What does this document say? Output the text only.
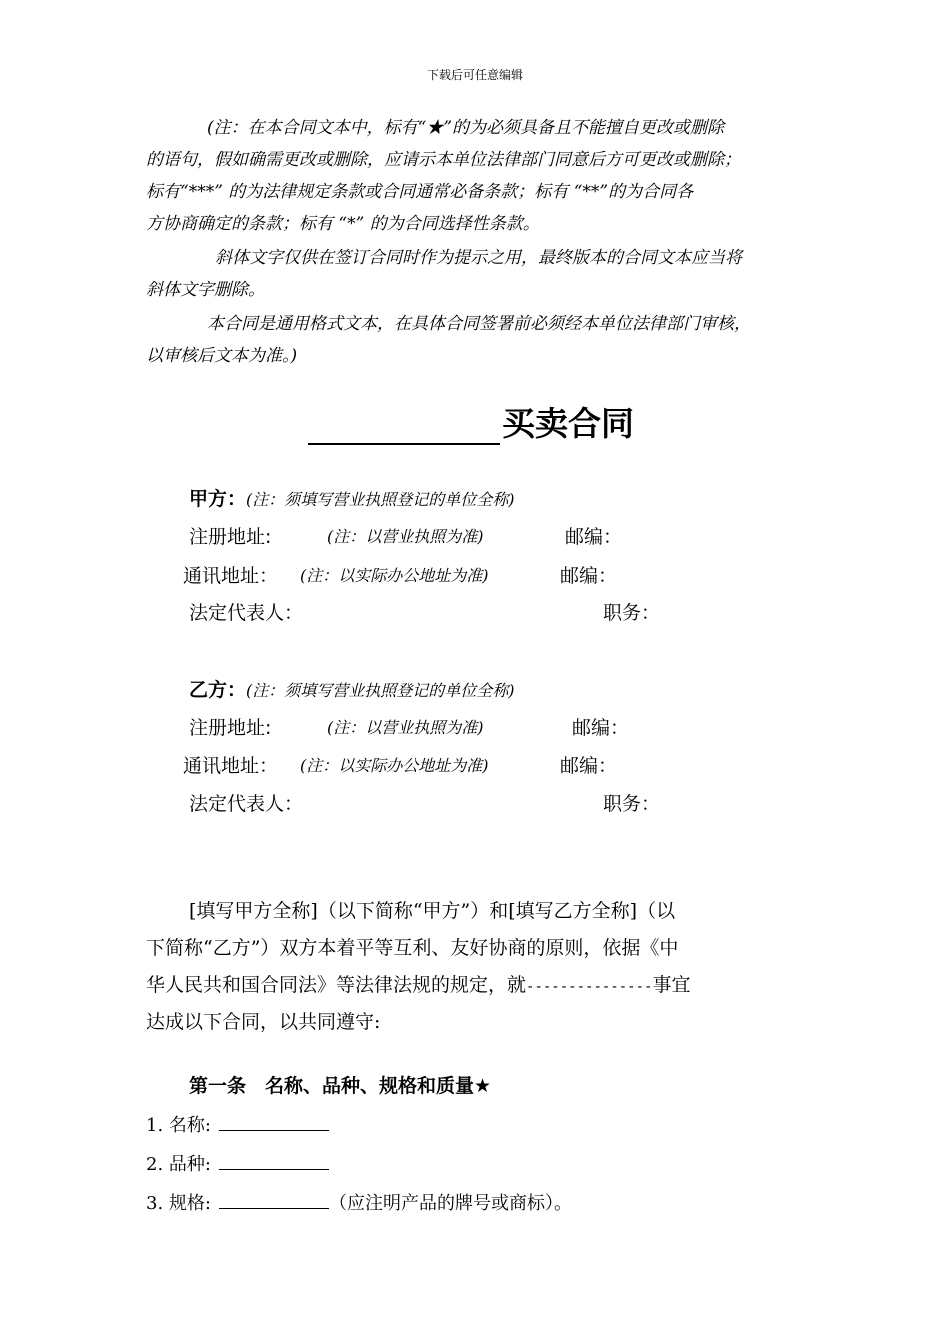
下载后可任意编辑
(注：在本合同文本中，标有“★”的为必须具备且不能擅自更改或删除
的语句，假如确需更改或删除，应请示本单位法律部门同意后方可更改或删除；
标有“***” 的为法律规定条款或合同通常必备条款；标有 “**”的为合同各
方协商确定的条款；标有 “*” 的为合同选择性条款。
斜体文字仅供在签订合同时作为提示之用，最终版本的合同文本应当将
斜体文字删除。
本合同是通用格式文本，在具体合同签署前必须经本单位法律部门审核，
以审核后文本为准。)
买卖合同
甲方：(注：须填写营业执照登记的单位全称)
注册地址:	(注：以营业执照为准)	邮编：
通讯地址： (注：以实际办公地址为准)	邮编：
法定代表人：	职务：
乙方：(注：须填写营业执照登记的单位全称)
注册地址:	(注：以营业执照为准)	邮编：
通讯地址： (注：以实际办公地址为准)	邮编：
法定代表人：	职务：
[填写甲方全称]（以下简称“甲方”）和[填写乙方全称]（以
下简称“乙方”）双方本着平等互利、友好协商的原则，依据《中
华人民共和国合同法》等法律法规的规定，就---------------事宜
达成以下合同，以共同遵守:
第一条　名称、品种、规格和质量★
1. 名称:
2. 品种:
3. 规格:	（应注明产品的牌号或商标）。
